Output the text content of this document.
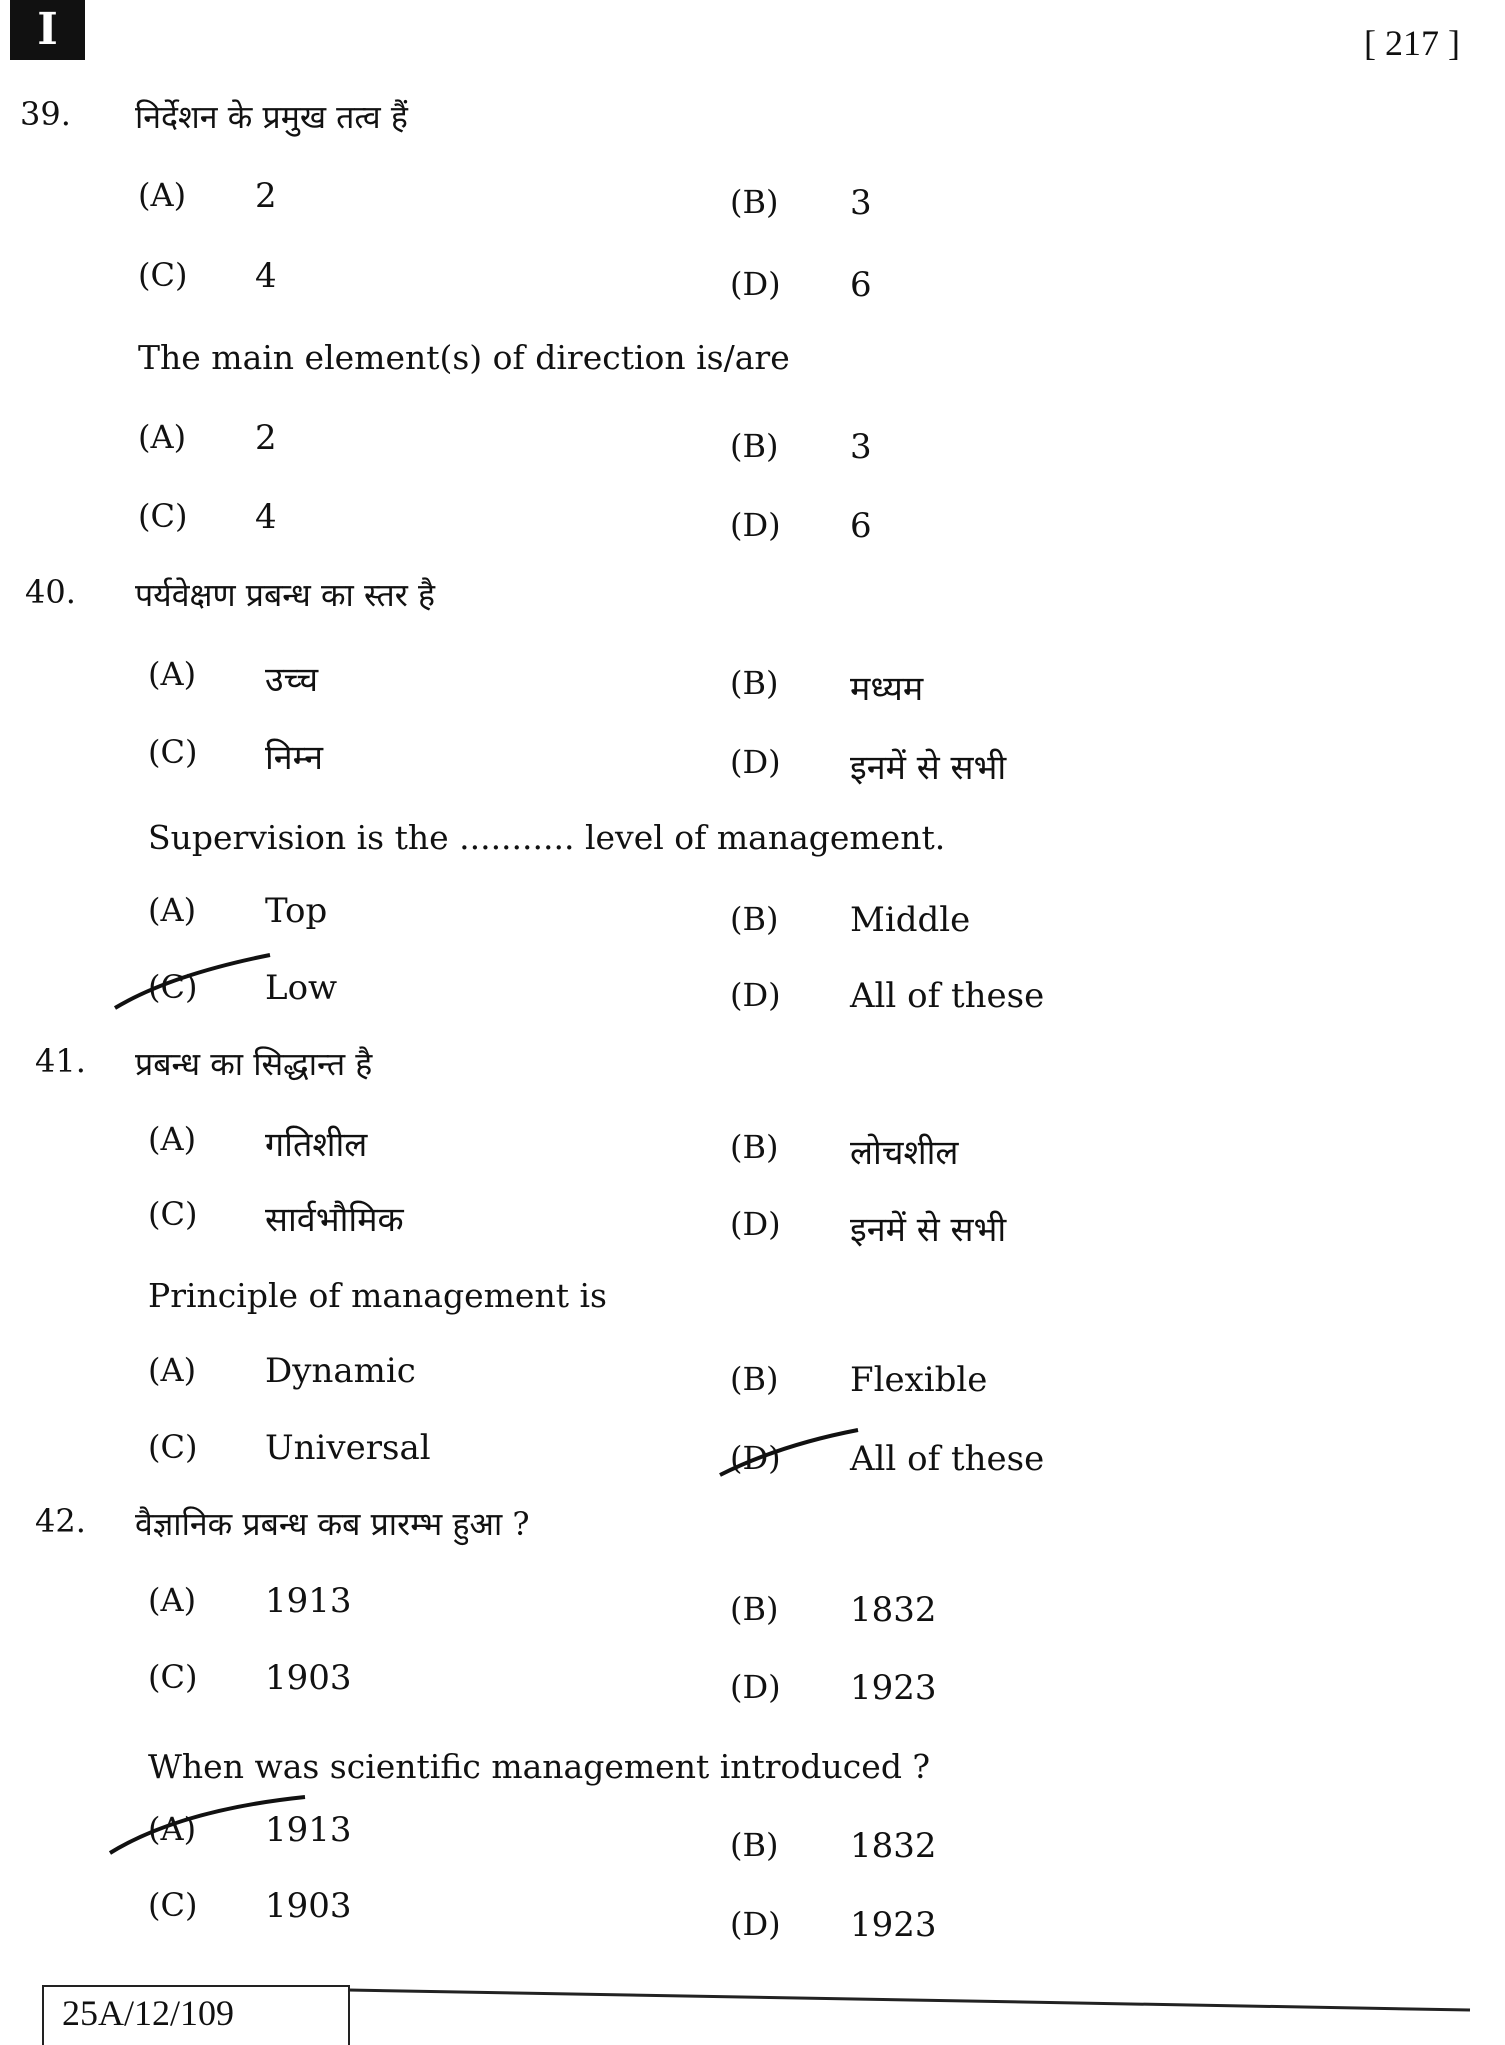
I	[ 217 ]
39. निर्देशन के प्रमुख तत्व हैं
(A) 2	(B) 3
(C) 4	(D) 6
(A) 2	(B) 3
(C) 4	(D) 6
The main element(s) of direction is/are
40. पर्यवेक्षण प्रबन्ध का स्तर है
(A) उच्च	(B) मध्यम
(C) निम्न	(D) इनमें से सभी
(A) Top	(B) Middle
(C) Low	(D) All of these
Supervision is the ........... level of management.
41. प्रबन्ध का सिद्धान्त है
(A) गतिशील	(B) लोचशील
(C) सार्वभौमिक	(D) इनमें से सभी
(A) Dynamic	(B) Flexible
(C) Universal	(D) All of these
Principle of management is
42. वैज्ञानिक प्रबन्ध कब प्रारम्भ हुआ ?
(A) 1913	(B) 1832
(C) 1903	(D) 1923
(A) 1913	(B) 1832
(C) 1903	(D) 1923
When was scientific management introduced ?
25A/12/109
